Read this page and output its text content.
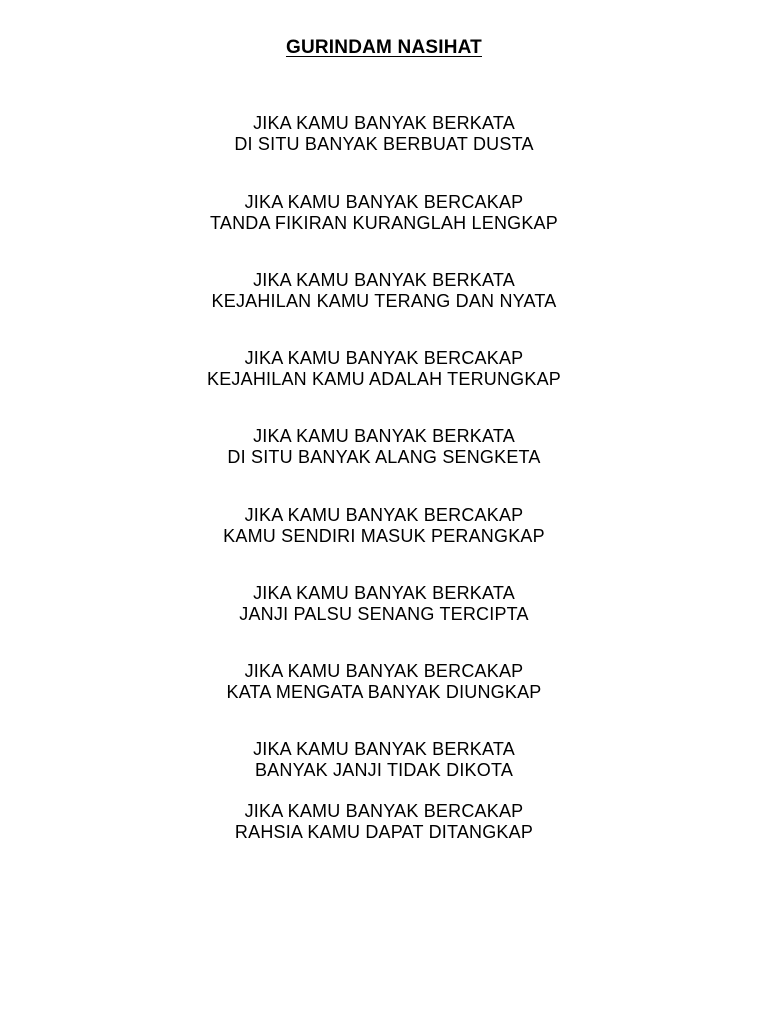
GURINDAM NASIHAT
JIKA KAMU BANYAK BERKATA
DI SITU BANYAK BERBUAT DUSTA
JIKA KAMU BANYAK BERCAKAP
TANDA FIKIRAN KURANGLAH LENGKAP
JIKA KAMU BANYAK BERKATA
KEJAHILAN KAMU TERANG DAN NYATA
JIKA KAMU BANYAK BERCAKAP
KEJAHILAN KAMU ADALAH TERUNGKAP
JIKA KAMU BANYAK BERKATA
DI SITU BANYAK ALANG SENGKETA
JIKA KAMU BANYAK BERCAKAP
KAMU SENDIRI MASUK PERANGKAP
JIKA KAMU BANYAK BERKATA
JANJI PALSU SENANG TERCIPTA
JIKA KAMU BANYAK BERCAKAP
KATA MENGATA BANYAK DIUNGKAP
JIKA KAMU BANYAK BERKATA
BANYAK JANJI TIDAK DIKOTA
JIKA KAMU BANYAK BERCAKAP
RAHSIA KAMU DAPAT DITANGKAP
